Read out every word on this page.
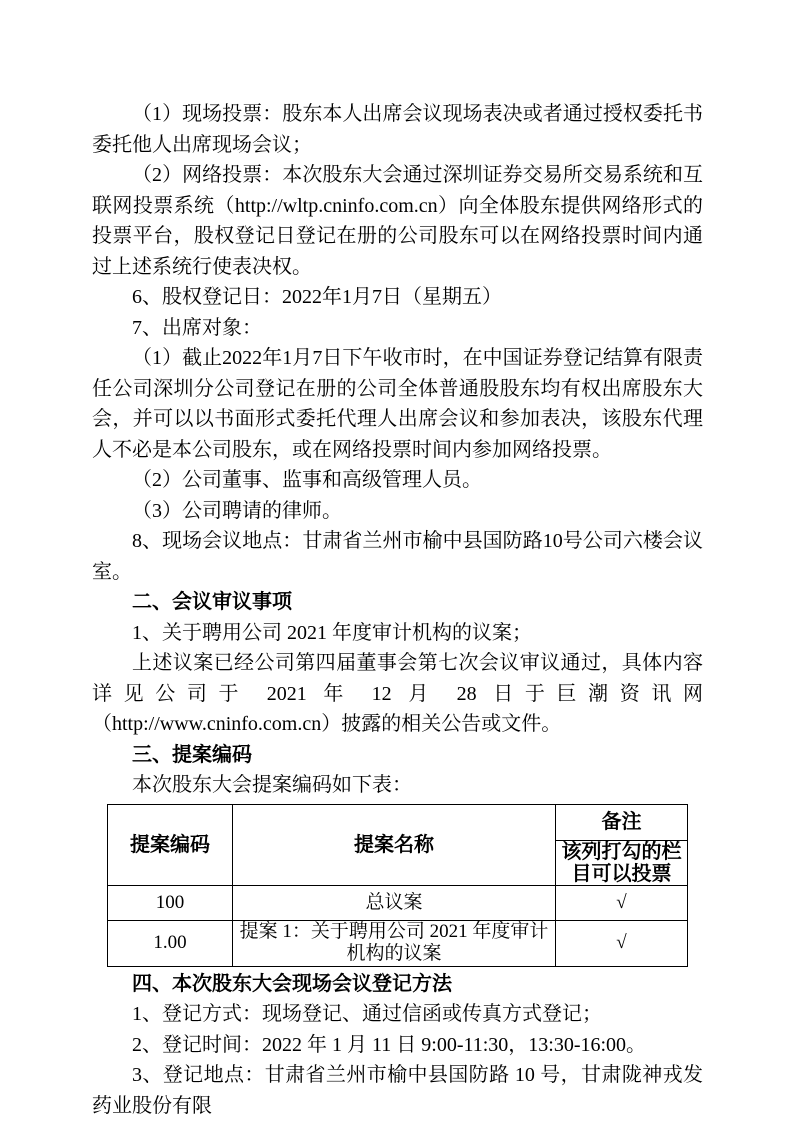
（1）现场投票：股东本人出席会议现场表决或者通过授权委托书委托他人出席现场会议；

（2）网络投票：本次股东大会通过深圳证券交易所交易系统和互联网投票系统（http://wltp.cninfo.com.cn）向全体股东提供网络形式的投票平台，股权登记日登记在册的公司股东可以在网络投票时间内通过上述系统行使表决权。

6、股权登记日：2022年1月7日（星期五）

7、出席对象：

（1）截止2022年1月7日下午收市时，在中国证券登记结算有限责任公司深圳分公司登记在册的公司全体普通股股东均有权出席股东大会，并可以以书面形式委托代理人出席会议和参加表决，该股东代理人不必是本公司股东，或在网络投票时间内参加网络投票。

（2）公司董事、监事和高级管理人员。

（3）公司聘请的律师。

8、现场会议地点：甘肃省兰州市榆中县国防路10号公司六楼会议室。

二、会议审议事项

1、关于聘用公司 2021 年度审计机构的议案；

上述议案已经公司第四届董事会第七次会议审议通过，具体内容详见公司于 2021 年 12 月 28 日于巨潮资讯网（http://www.cninfo.com.cn）披露的相关公告或文件。

三、提案编码

本次股东大会提案编码如下表：

提案编码	提案名称	备注
		该列打勾的栏目可以投票
100	总议案	√
1.00	提案 1：关于聘用公司 2021 年度审计机构的议案	√

四、本次股东大会现场会议登记方法

1、登记方式：现场登记、通过信函或传真方式登记；

2、登记时间：2022 年 1 月 11 日 9:00-11:30，13:30-16:00。

3、登记地点：甘肃省兰州市榆中县国防路 10 号，甘肃陇神戎发药业股份有限
